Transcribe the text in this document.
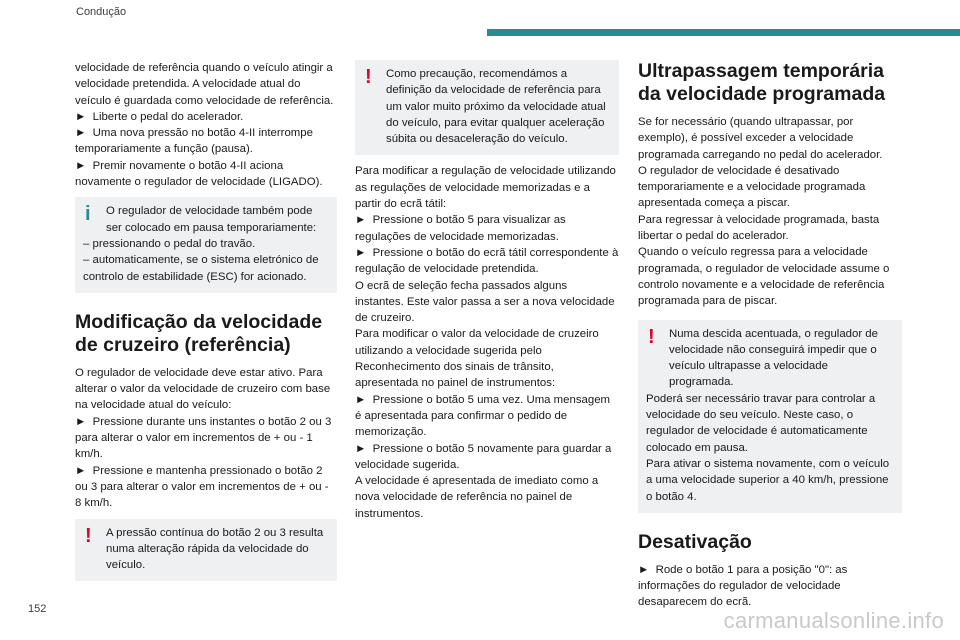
Condução

velocidade de referência quando o veículo atingir a velocidade pretendida. A velocidade atual do veículo é guardada como velocidade de referência.

►  Liberte o pedal do acelerador.

►  Uma nova pressão no botão 4-II interrompe temporariamente a função (pausa).

►  Premir novamente o botão 4-II aciona novamente o regulador de velocidade (LIGADO).

i	O regulador de velocidade também pode ser colocado em pausa temporariamente:

– pressionando o pedal do travão.

– automaticamente, se o sistema eletrónico de controlo de estabilidade (ESC) for acionado.

Modificação da velocidade de cruzeiro (referência)

O regulador de velocidade deve estar ativo. Para alterar o valor da velocidade de cruzeiro com base na velocidade atual do veículo:

►  Pressione durante uns instantes o botão 2 ou 3 para alterar o valor em incrementos de + ou - 1 km/h.

►  Pressione e mantenha pressionado o botão 2 ou 3 para alterar o valor em incrementos de + ou - 8 km/h.

!	A pressão contínua do botão 2 ou 3 resulta numa alteração rápida da velocidade do veículo.

!	Como precaução, recomendámos a definição da velocidade de referência para um valor muito próximo da velocidade atual do veículo, para evitar qualquer aceleração súbita ou desaceleração do veículo.

Para modificar a regulação de velocidade utilizando as regulações de velocidade memorizadas e a partir do ecrã tátil:

►  Pressione o botão 5 para visualizar as regulações de velocidade memorizadas.

►  Pressione o botão do ecrã tátil correspondente à regulação de velocidade pretendida.

O ecrã de seleção fecha passados alguns instantes. Este valor passa a ser a nova velocidade de cruzeiro.

Para modificar o valor da velocidade de cruzeiro utilizando a velocidade sugerida pelo Reconhecimento dos sinais de trânsito, apresentada no painel de instrumentos:

►  Pressione o botão 5 uma vez. Uma mensagem é apresentada para confirmar o pedido de memorização.

►  Pressione o botão 5 novamente para guardar a velocidade sugerida.

A velocidade é apresentada de imediato como a nova velocidade de referência no painel de instrumentos.

Ultrapassagem temporária da velocidade programada

Se for necessário (quando ultrapassar, por exemplo), é possível exceder a velocidade programada carregando no pedal do acelerador.

O regulador de velocidade é desativado temporariamente e a velocidade programada apresentada começa a piscar.

Para regressar à velocidade programada, basta libertar o pedal do acelerador.

Quando o veículo regressa para a velocidade programada, o regulador de velocidade assume o controlo novamente e a velocidade de referência programada para de piscar.

!	Numa descida acentuada, o regulador de velocidade não conseguirá impedir que o veículo ultrapasse a velocidade programada.

Poderá ser necessário travar para controlar a velocidade do seu veículo. Neste caso, o regulador de velocidade é automaticamente colocado em pausa.

Para ativar o sistema novamente, com o veículo a uma velocidade superior a 40 km/h, pressione o botão 4.

Desativação

►  Rode o botão 1 para a posição "0": as informações do regulador de velocidade desaparecem do ecrã.

152	carmanualsonline.info
